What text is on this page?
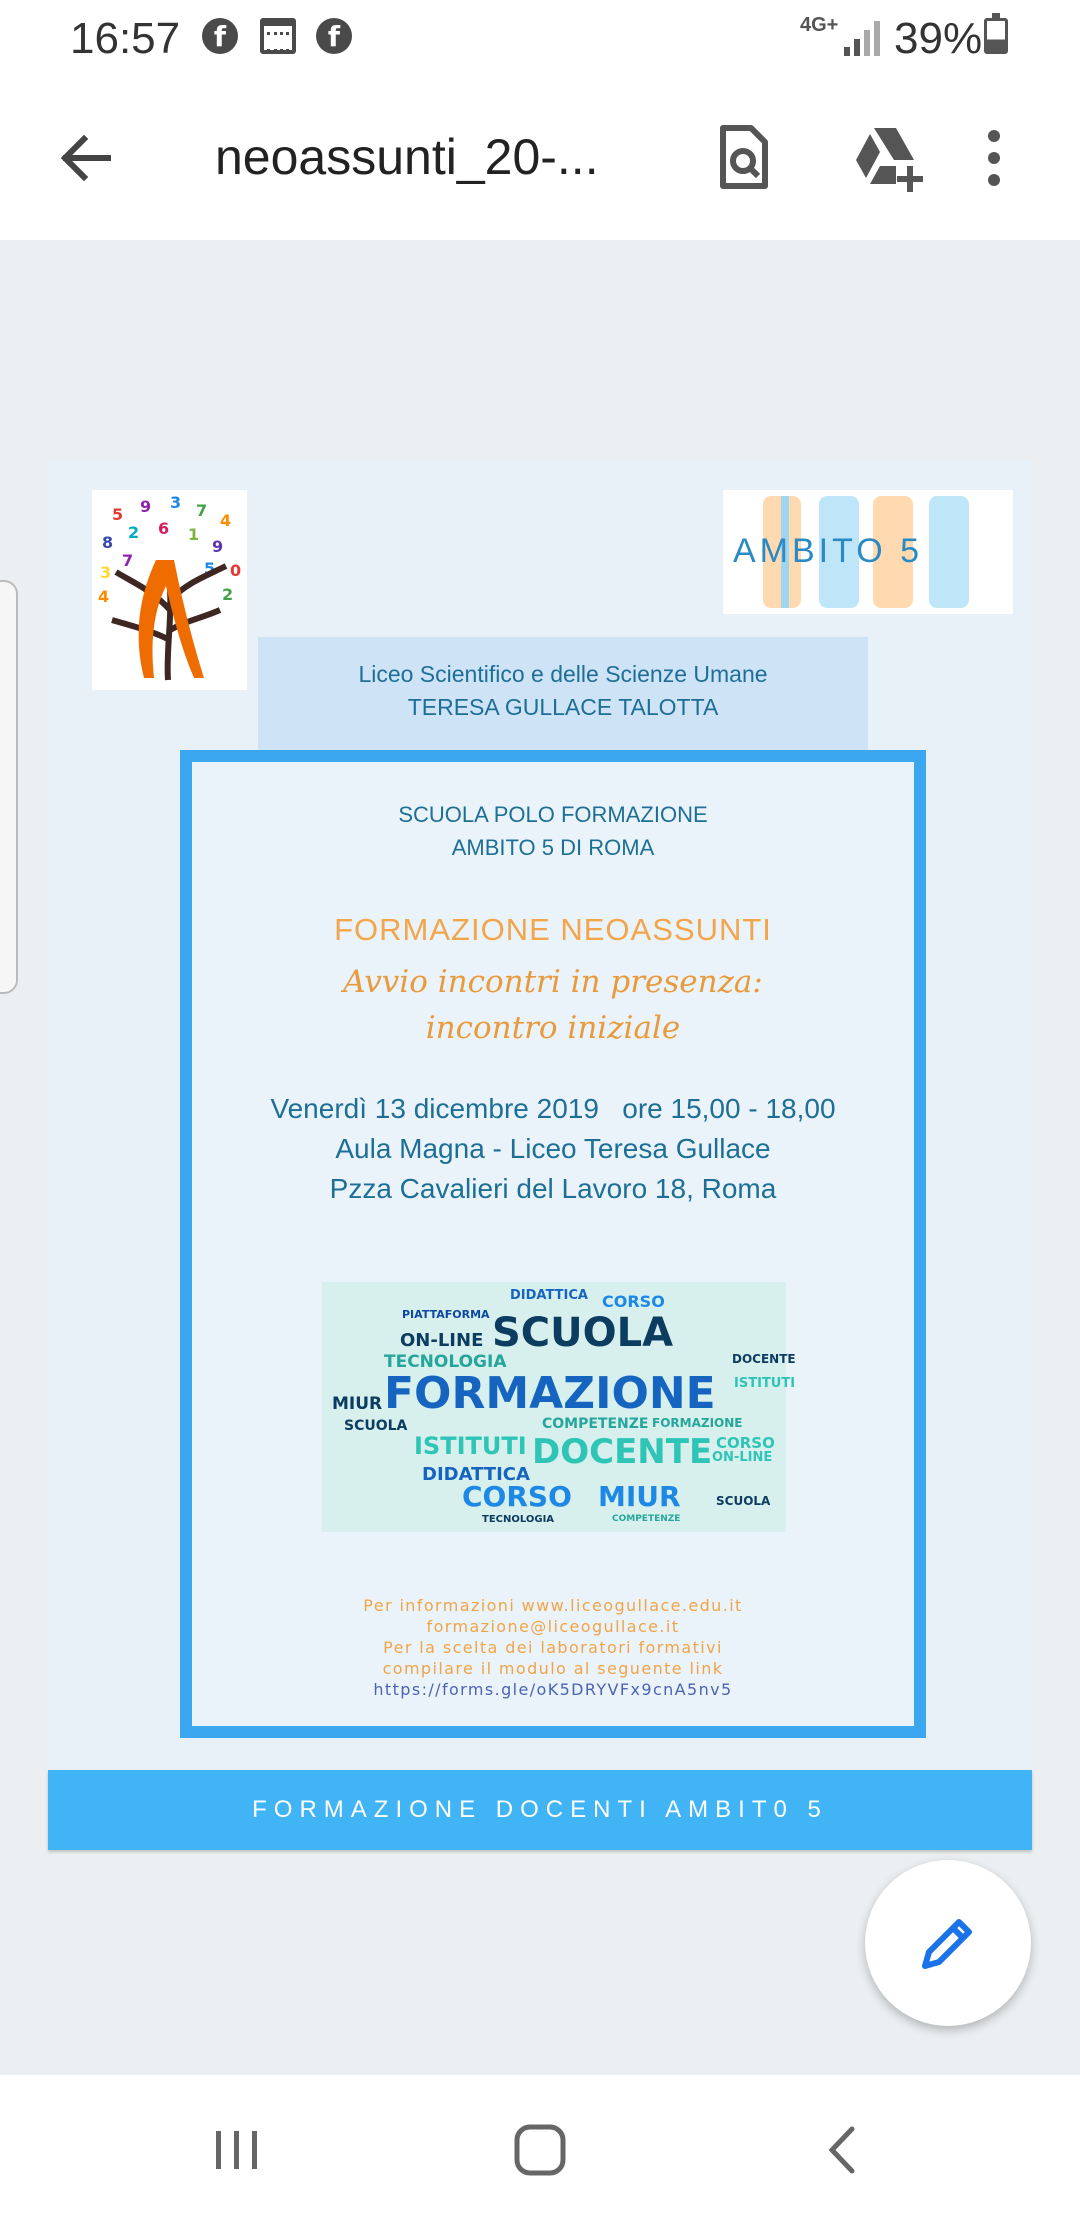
16:57	f	f	4G+ 39%
neoassunti_20-...
5 9 3 7
4
8
2 6 1
9
0
3
7	5
2
4
AMBITO 5
Liceo Scientifico e delle Scienze Umane
TERESA GULLACE TALOTTA
SCUOLA POLO FORMAZIONE
AMBITO 5 DI ROMA
FORMAZIONE NEOASSUNTI
Avvio incontri in presenza:
incontro iniziale
Venerdì 13 dicembre 2019   ore 15,00 - 18,00
Aula Magna - Liceo Teresa Gullace
Pzza Cavalieri del Lavoro 18, Roma
DIDATTICA CORSO
PIATTAFORMA SCUOLA
ON-LINE
TECNOLOGIA
FORMAZIONE
DOCENTE
ISTITUTI
MIUR
COMPETENZE
SCUOLA
DIDATTICA
DOCENTE
CORSO MIUR
ISTITUTI
TECNOLOGIA
FORMAZIONE
COMPETENZE
ON-LINE
CORSO
SCUOLA
Per informazioni www.liceogullace.edu.it
formazione@liceogullace.it
Per la scelta dei laboratori formativi
compilare il modulo al seguente link
https://forms.gle/oK5DRYVFx9cnA5nv5
FORMAZIONE DOCENTI AMBIT0 5
